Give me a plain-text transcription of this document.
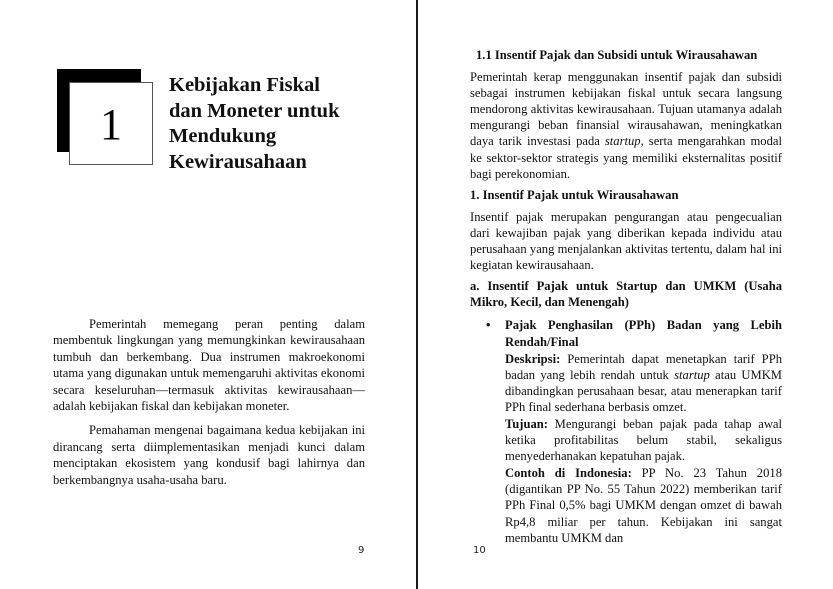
1
Kebijakan Fiskal
dan Moneter untuk
Mendukung
Kewirausahaan

Pemerintah memegang peran penting dalam membentuk lingkungan yang memungkinkan kewirausahaan tumbuh dan berkembang. Dua instrumen makroekonomi utama yang digunakan untuk memengaruhi aktivitas ekonomi secara keseluruhan—termasuk aktivitas kewirausahaan—adalah kebijakan fiskal dan kebijakan moneter.

Pemahaman mengenai bagaimana kedua kebijakan ini dirancang serta diimplementasikan menjadi kunci dalam menciptakan ekosistem yang kondusif bagi lahirnya dan berkembangnya usaha-usaha baru.

9

1.1 Insentif Pajak dan Subsidi untuk Wirausahawan

Pemerintah kerap menggunakan insentif pajak dan subsidi sebagai instrumen kebijakan fiskal untuk secara langsung mendorong aktivitas kewirausahaan. Tujuan utamanya adalah mengurangi beban finansial wirausahawan, meningkatkan daya tarik investasi pada startup, serta mengarahkan modal ke sektor-sektor strategis yang memiliki eksternalitas positif bagi perekonomian.

1. Insentif Pajak untuk Wirausahawan

Insentif pajak merupakan pengurangan atau pengecualian dari kewajiban pajak yang diberikan kepada individu atau perusahaan yang menjalankan aktivitas tertentu, dalam hal ini kegiatan kewirausahaan.

a. Insentif Pajak untuk Startup dan UMKM (Usaha Mikro, Kecil, dan Menengah)

• Pajak Penghasilan (PPh) Badan yang Lebih Rendah/Final

Deskripsi: Pemerintah dapat menetapkan tarif PPh badan yang lebih rendah untuk startup atau UMKM dibandingkan perusahaan besar, atau menerapkan tarif PPh final sederhana berbasis omzet.

Tujuan: Mengurangi beban pajak pada tahap awal ketika profitabilitas belum stabil, sekaligus menyederhanakan kepatuhan pajak.

Contoh di Indonesia: PP No. 23 Tahun 2018 (digantikan PP No. 55 Tahun 2022) memberikan tarif PPh Final 0,5% bagi UMKM dengan omzet di bawah Rp4,8 miliar per tahun. Kebijakan ini sangat membantu UMKM dan

10
